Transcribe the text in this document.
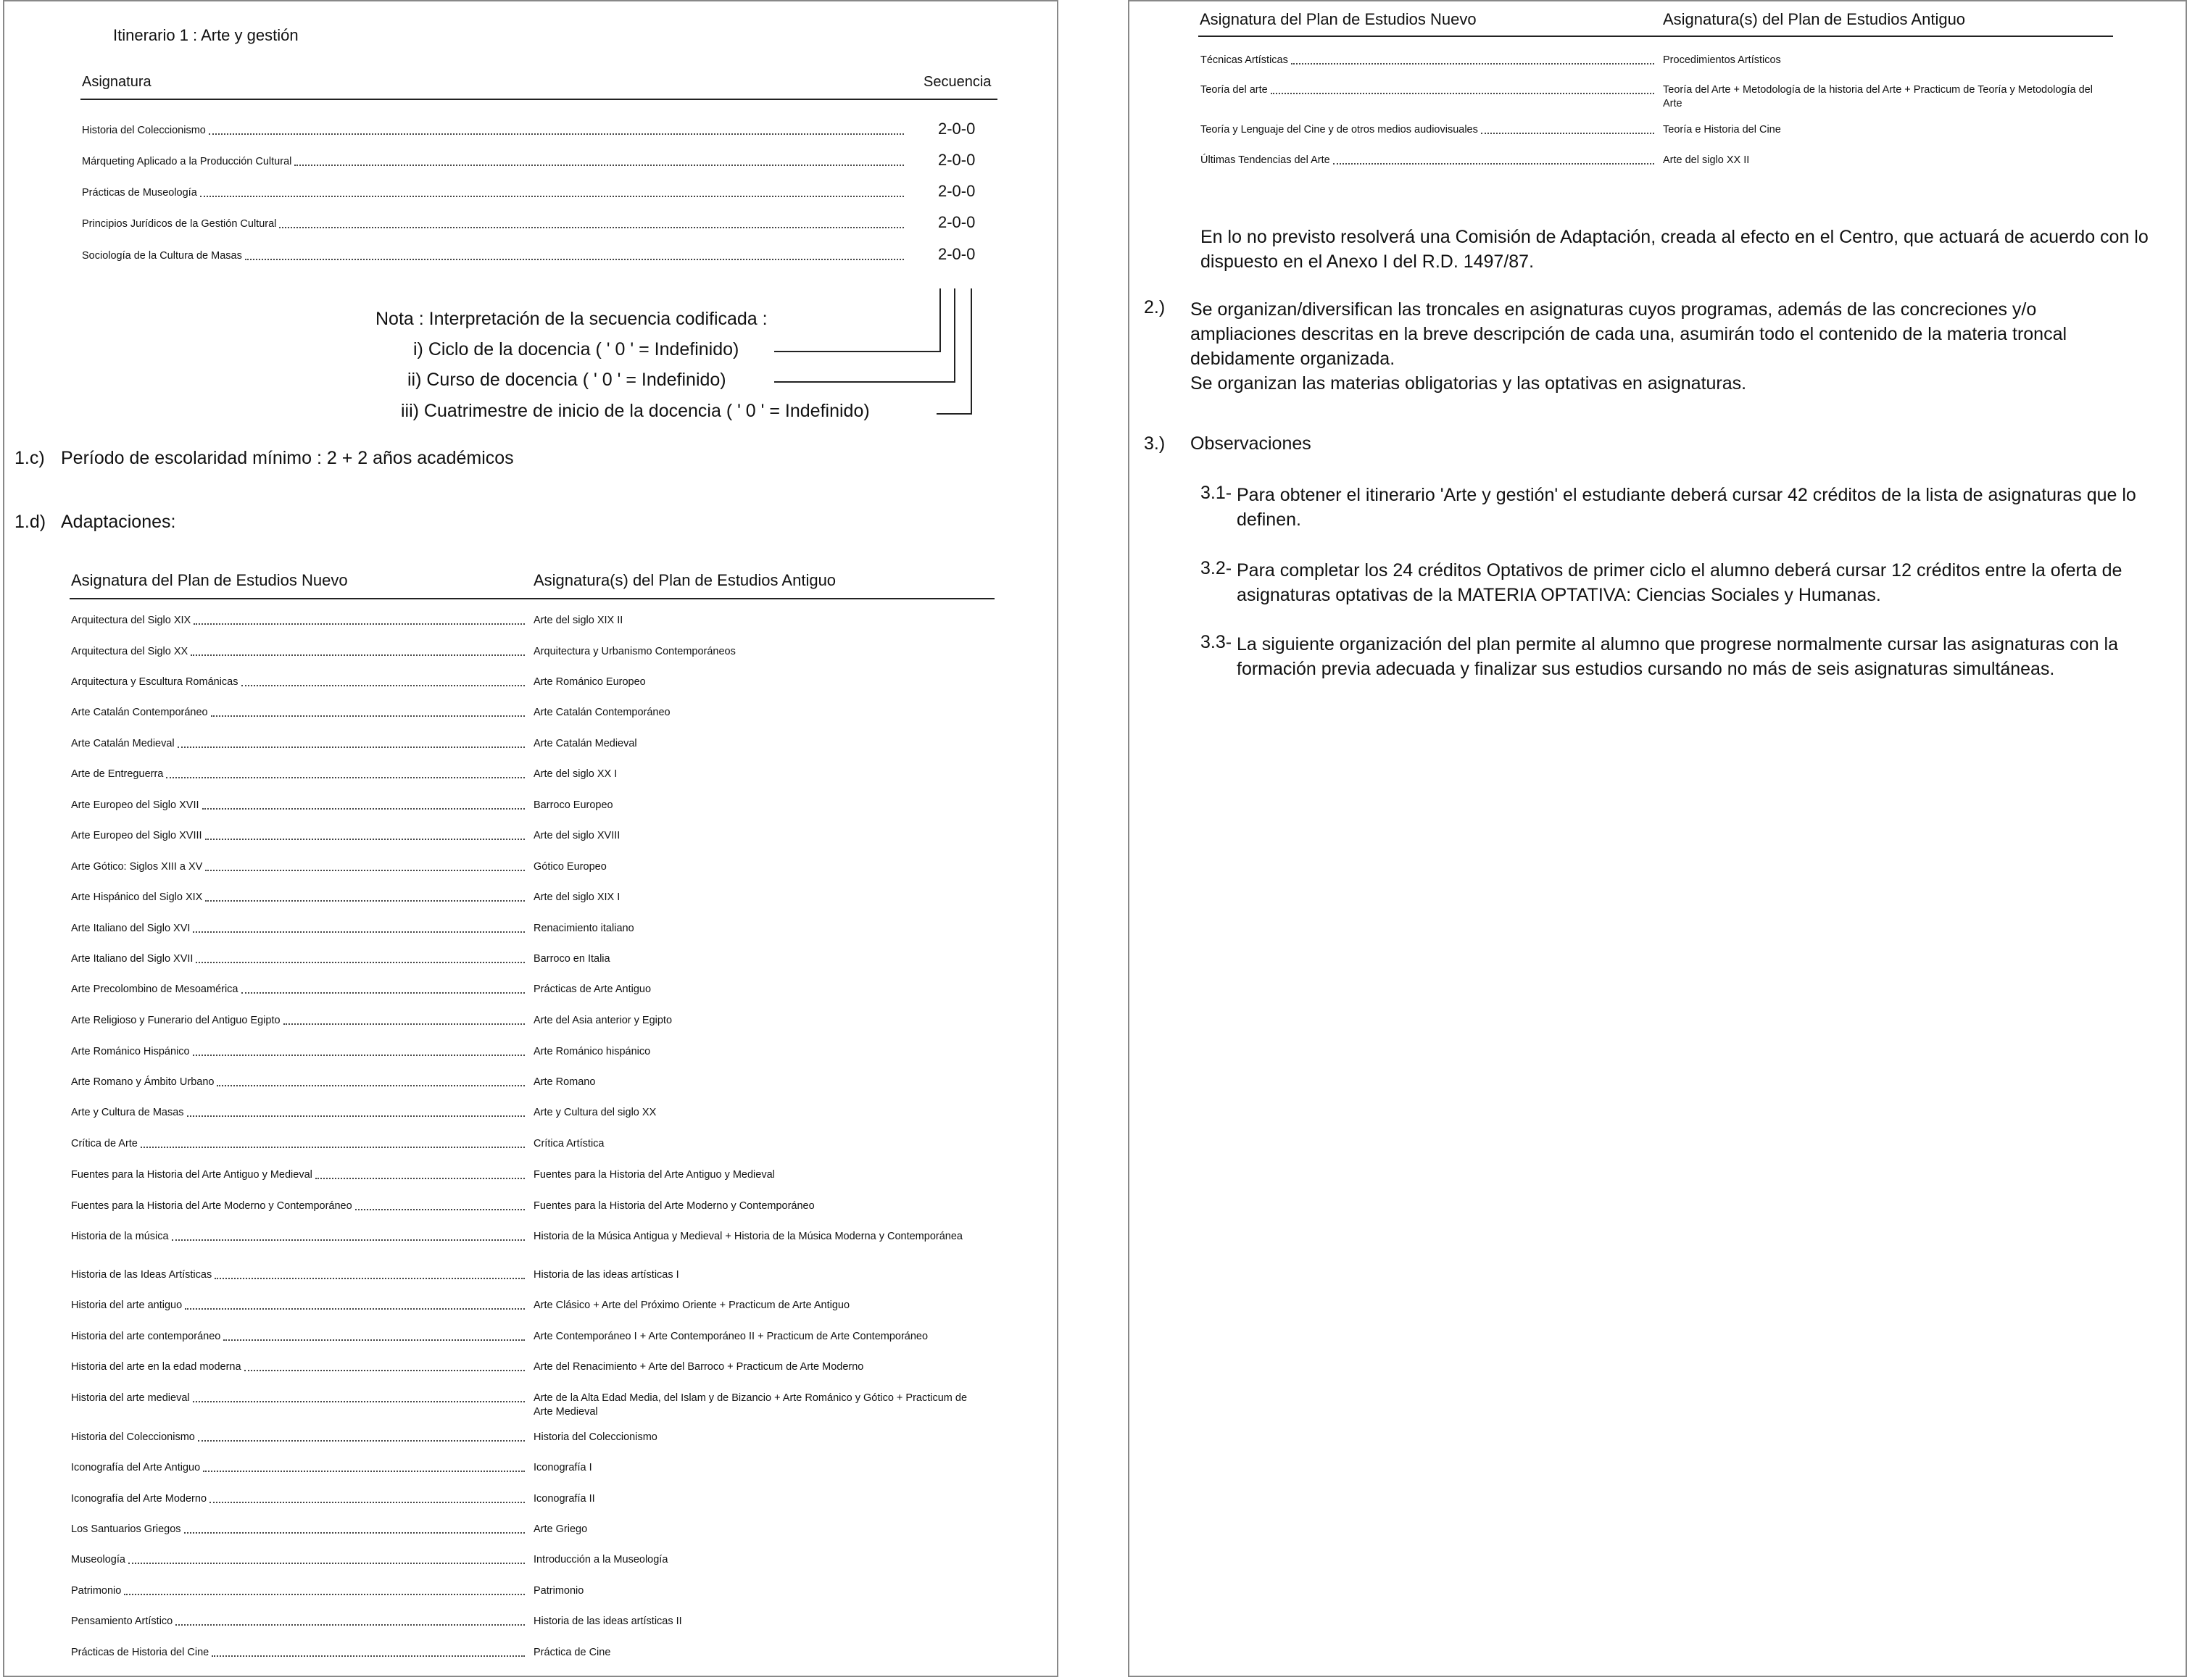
Itinerario 1 : Arte y gestión
Asignatura	Secuencia
Historia del Coleccionismo	2-0-0
Márqueting Aplicado a la Producción Cultural	2-0-0
Prácticas de Museología	2-0-0
Principios Jurídicos de la Gestión Cultural	2-0-0
Sociología de la Cultura de Masas	2-0-0
Nota : Interpretación de la secuencia codificada :
i) Ciclo de la docencia ( ' 0 ' = Indefinido)
ii) Curso de docencia ( ' 0 ' = Indefinido)
iii) Cuatrimestre de inicio de la docencia ( ' 0 ' = Indefinido)
1.c) Período de escolaridad mínimo : 2 + 2 años académicos
1.d) Adaptaciones:
Asignatura del Plan de Estudios Nuevo	Asignatura(s) del Plan de Estudios Antiguo
Arquitectura del Siglo XIX	Arte del siglo XIX II
Arquitectura del Siglo XX	Arquitectura y Urbanismo Contemporáneos
Arquitectura y Escultura Románicas	Arte Románico Europeo
Arte Catalán Contemporáneo	Arte Catalán Contemporáneo
Arte Catalán Medieval	Arte Catalán Medieval
Arte de Entreguerra	Arte del siglo XX I
Arte Europeo del Siglo XVII	Barroco Europeo
Arte Europeo del Siglo XVIII	Arte del siglo XVIII
Arte Gótico: Siglos XIII a XV	Gótico Europeo
Arte Hispánico del Siglo XIX	Arte del siglo XIX I
Arte Italiano del Siglo XVI	Renacimiento italiano
Arte Italiano del Siglo XVII	Barroco en Italia
Arte Precolombino de Mesoamérica	Prácticas de Arte Antiguo
Arte Religioso y Funerario del Antiguo Egipto	Arte del Asia anterior y Egipto
Arte Románico Hispánico	Arte Románico hispánico
Arte Romano y Ámbito Urbano	Arte Romano
Arte y Cultura de Masas	Arte y Cultura del siglo XX
Crítica de Arte	Crítica Artística
Fuentes para la Historia del Arte Antiguo y Medieval	Fuentes para la Historia del Arte Antiguo y Medieval
Fuentes para la Historia del Arte Moderno y Contemporáneo	Fuentes para la Historia del Arte Moderno y Contemporáneo
Historia de la música	Historia de la Música Antigua y Medieval + Historia de la Música Moderna y Contemporánea
Historia de las Ideas Artísticas	Historia de las ideas artísticas I
Historia del arte antiguo	Arte Clásico + Arte del Próximo Oriente + Practicum de Arte Antiguo
Historia del arte contemporáneo	Arte Contemporáneo I + Arte Contemporáneo II + Practicum de Arte Contemporáneo
Historia del arte en la edad moderna	Arte del Renacimiento + Arte del Barroco + Practicum de Arte Moderno
Historia del arte medieval	Arte de la Alta Edad Media, del Islam y de Bizancio + Arte Románico y Gótico + Practicum de Arte Medieval
Historia del Coleccionismo	Historia del Coleccionismo
Iconografía del Arte Antiguo	Iconografía I
Iconografía del Arte Moderno	Iconografía II
Los Santuarios Griegos	Arte Griego
Museología	Introducción a la Museología
Patrimonio	Patrimonio
Pensamiento Artístico	Historia de las ideas artísticas II
Prácticas de Historia del Cine	Práctica de Cine
Asignatura del Plan de Estudios Nuevo	Asignatura(s) del Plan de Estudios Antiguo
Técnicas Artísticas	Procedimientos Artísticos
Teoría del arte	Teoría del Arte + Metodología de la historia del Arte + Practicum de Teoría y Metodología del Arte
Teoría y Lenguaje del Cine y de otros medios audiovisuales	Teoría e Historia del Cine
Últimas Tendencias del Arte	Arte del siglo XX II
En lo no previsto resolverá una Comisión de Adaptación, creada al efecto en el Centro, que actuará de acuerdo con lo dispuesto en el Anexo I del R.D. 1497/87.
2.) Se organizan/diversifican las troncales en asignaturas cuyos programas, además de las concreciones y/o ampliaciones descritas en la breve descripción de cada una, asumirán todo el contenido de la materia troncal debidamente organizada.
Se organizan las materias obligatorias y las optativas en asignaturas.
3.) Observaciones
3.1- Para obtener el itinerario 'Arte y gestión' el estudiante deberá cursar 42 créditos de la lista de asignaturas que lo definen.
3.2- Para completar los 24 créditos Optativos de primer ciclo el alumno deberá cursar 12 créditos entre la oferta de asignaturas optativas de la MATERIA OPTATIVA: Ciencias Sociales y Humanas.
3.3- La siguiente organización del plan permite al alumno que progrese normalmente cursar las asignaturas con la formación previa adecuada y finalizar sus estudios cursando no más de seis asignaturas simultáneas.
